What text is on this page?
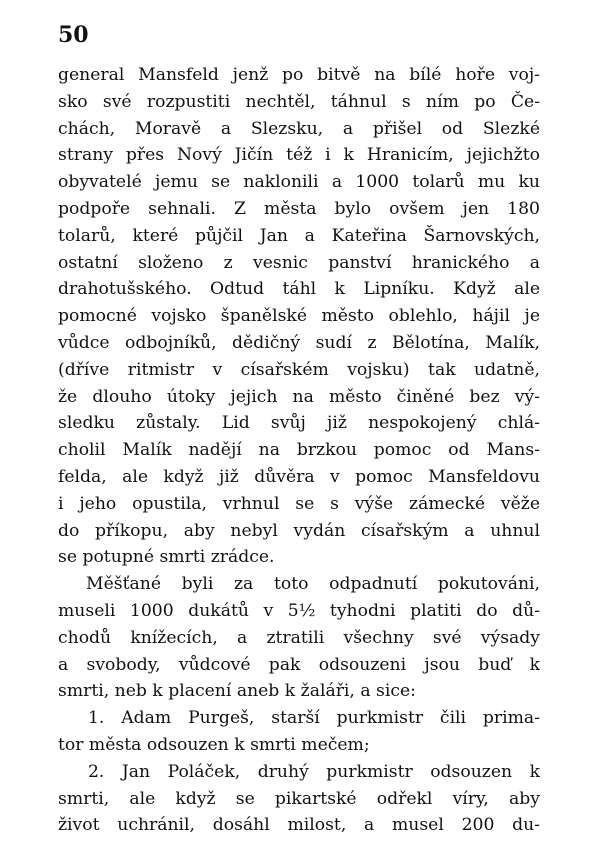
50
general Mansfeld jenž po bitvě na bílé hoře voj-
sko své rozpustiti nechtěl, táhnul s ním po Če-
chách, Moravě a Slezsku, a přišel od Slezké
strany přes Nový Jičín též i k Hranicím, jejichžto
obyvatelé jemu se naklonili a 1000 tolarů mu ku
podpoře sehnali. Z města bylo ovšem jen 180
tolarů, které půjčil Jan a Kateřina Šarnovských,
ostatní složeno z vesnic panství hranického a
drahotušského. Odtud táhl k Lipníku. Když ale
pomocné vojsko španělské město oblehlo, hájil je
vůdce odbojníků, dědičný sudí z Bělotína, Malík,
(dříve ritmistr v císařském vojsku) tak udatně,
že dlouho útoky jejich na město činěné bez vý-
sledku zůstaly. Lid svůj již nespokojený chlá-
cholil Malík nadějí na brzkou pomoc od Mans-
felda, ale když již důvěra v pomoc Mansfeldovu
i jeho opustila, vrhnul se s výše zámecké věže
do příkopu, aby nebyl vydán císařským a uhnul
se potupné smrti zrádce.
Měšťané byli za toto odpadnutí pokutováni,
museli 1000 dukátů v 5½ tyhodni platiti do dů-
chodů knížecích, a ztratili všechny své výsady
a svobody, vůdcové pak odsouzeni jsou buď k
smrti, neb k placení aneb k žaláři, a sice:
1. Adam Purgeš, starší purkmistr čili prima-
tor města odsouzen k smrti mečem;
2. Jan Poláček, druhý purkmistr odsouzen k
smrti, ale když se pikartské odřekl víry, aby
život uchránil, dosáhl milost, a musel 200 du-
